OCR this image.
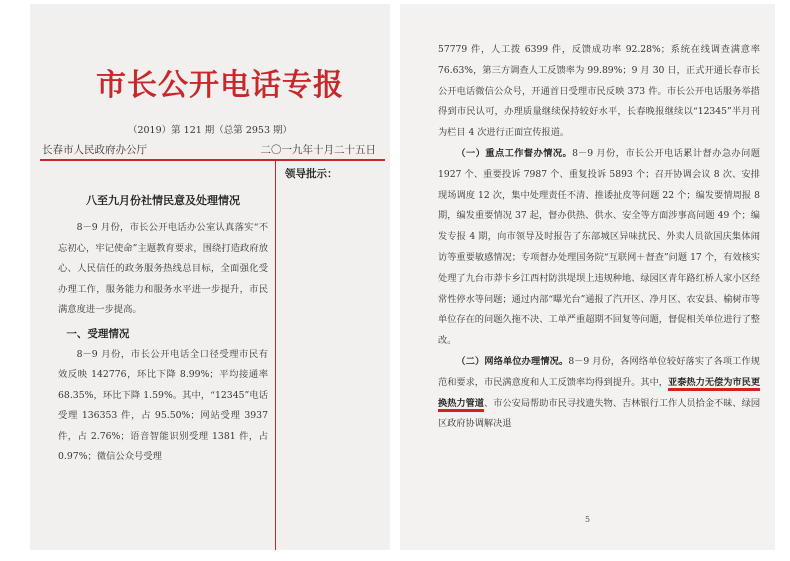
市长公开电话专报
（2019）第 121 期（总第 2953 期）
长春市人民政府办公厅	二〇一九年十月二十五日
领导批示：
八至九月份社情民意及处理情况

8－9 月份，市长公开电话办公室认真落实“不忘初心，牢记使命”主题教育要求，围绕打造政府放心、人民信任的政务服务热线总目标，全面强化受办理工作，服务能力和服务水平进一步提升，市民满意度进一步提高。

一、受理情况

8－9 月份，市长公开电话全口径受理市民有效反映 142776，环比下降 8.99%；平均接通率 68.35%，环比下降 1.59%。其中，“12345”电话受理 136353 件，占 95.50%；网站受理 3937 件，占 2.76%；语音智能识别受理 1381 件，占 0.97%；微信公众号受理

57779 件，人工拨 6399 件，反馈成功率 92.28%；系统在线调查满意率 76.63%，第三方调查人工反馈率为 99.89%；9 月 30 日，正式开通长春市长公开电话微信公众号，开通首日受理市民反映 373 件。市长公开电话服务举措得到市民认可，办理质量继续保持较好水平，长春晚报继续以“12345”半月刊为栏目 4 次进行正面宣传报道。

（一）重点工作督办情况。8－9 月份，市长公开电话累计督办急办问题 1927 个、重要投诉 7987 个、重复投诉 5893 个；召开协调会议 8 次、安排现场调度 12 次，集中处理责任不清、推诿扯皮等问题 22 个；编发要情周报 8 期，编发重要情况 37 起，督办供热、供水、安全等方面涉事高问题 49 个；编发专报 4 期，向市领导及时报告了东部城区异味扰民、外卖人员欲国庆集体闹访等重要敏感情况；专项督办处理国务院“互联网＋督查”问题 17 个，有效核实处理了九台市莽卡乡江西村防洪堤坝上违规种地、绿园区青年路红桥人家小区经常性停水等问题；通过内部“曝光台”通报了汽开区、净月区、农安县、榆树市等单位存在的问题久拖不决、工单严重超期不回复等问题，督促相关单位进行了整改。

（二）网络单位办理情况。8－9 月份，各网络单位较好落实了各项工作规范和要求，市民满意度和人工反馈率均得到提升。其中，亚泰热力无偿为市民更换热力管道、市公安局帮助市民寻找遗失物、吉林银行工作人员拾金不昧、绿园区政府协调解决退

5
